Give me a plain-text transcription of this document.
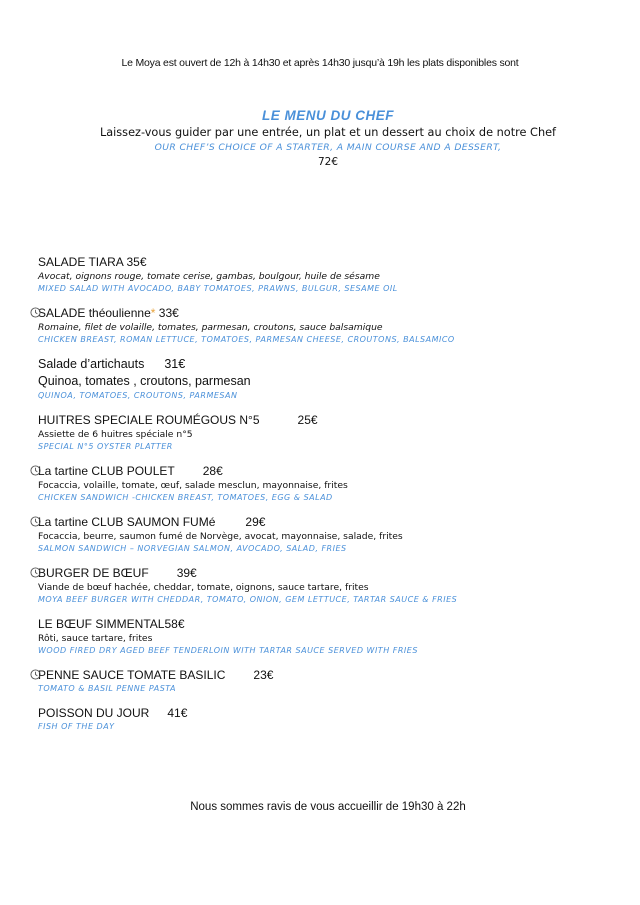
Le Moya est ouvert de 12h à 14h30 et après 14h30 jusqu’à 19h les plats disponibles sont
LE MENU DU CHEF
Laissez-vous guider par une entrée, un plat et un dessert au choix de notre Chef
OUR CHEF’S CHOICE OF A STARTER, A MAIN COURSE AND A DESSERT,
72€
SALADE TIARA 35€
Avocat, oignons rouge, tomate cerise, gambas, boulgour, huile de sésame
MIXED SALAD WITH AVOCADO, BABY TOMATOES, PRAWNS, BULGUR, SESAME OIL
SALADE théoulienne* 33€
Romaine, filet de volaille, tomates, parmesan, croutons, sauce balsamique
CHICKEN BREAST, ROMAN LETTUCE, TOMATOES, PARMESAN CHEESE, CROUTONS, BALSAMICO
Salade d’artichauts 31€
Quinoa, tomates , croutons, parmesan
QUINOA, TOMATOES, CROUTONS, PARMESAN
HUITRES SPECIALE ROUMÉGOUS N°5	25€
Assiette de 6 huitres spéciale n°5
SPECIAL N°5 OYSTER PLATTER
La tartine CLUB POULET 28€
Focaccia, volaille, tomate, œuf, salade mesclun, mayonnaise, frites
CHICKEN SANDWICH -CHICKEN BREAST, TOMATOES, EGG & SALAD
La tartine CLUB SAUMON FUMé	29€
Focaccia, beurre, saumon fumé de Norvège, avocat, mayonnaise, salade, frites
SALMON SANDWICH – NORVEGIAN SALMON, AVOCADO, SALAD, FRIES
BURGER DE BŒUF 39€
Viande de bœuf hachée, cheddar, tomate, oignons, sauce tartare, frites
MOYA BEEF BURGER WITH CHEDDAR, TOMATO, ONION, GEM LETTUCE, TARTAR SAUCE & FRIES
LE BŒUF SIMMENTAL58€
Rôti, sauce tartare, frites
WOOD FIRED DRY AGED BEEF TENDERLOIN WITH TARTAR SAUCE SERVED WITH FRIES
PENNE SAUCE TOMATE BASILIC 23€
TOMATO & BASIL PENNE PASTA
POISSON DU JOUR 41€
FISH OF THE DAY
Nous sommes ravis de vous accueillir de 19h30 à 22h
